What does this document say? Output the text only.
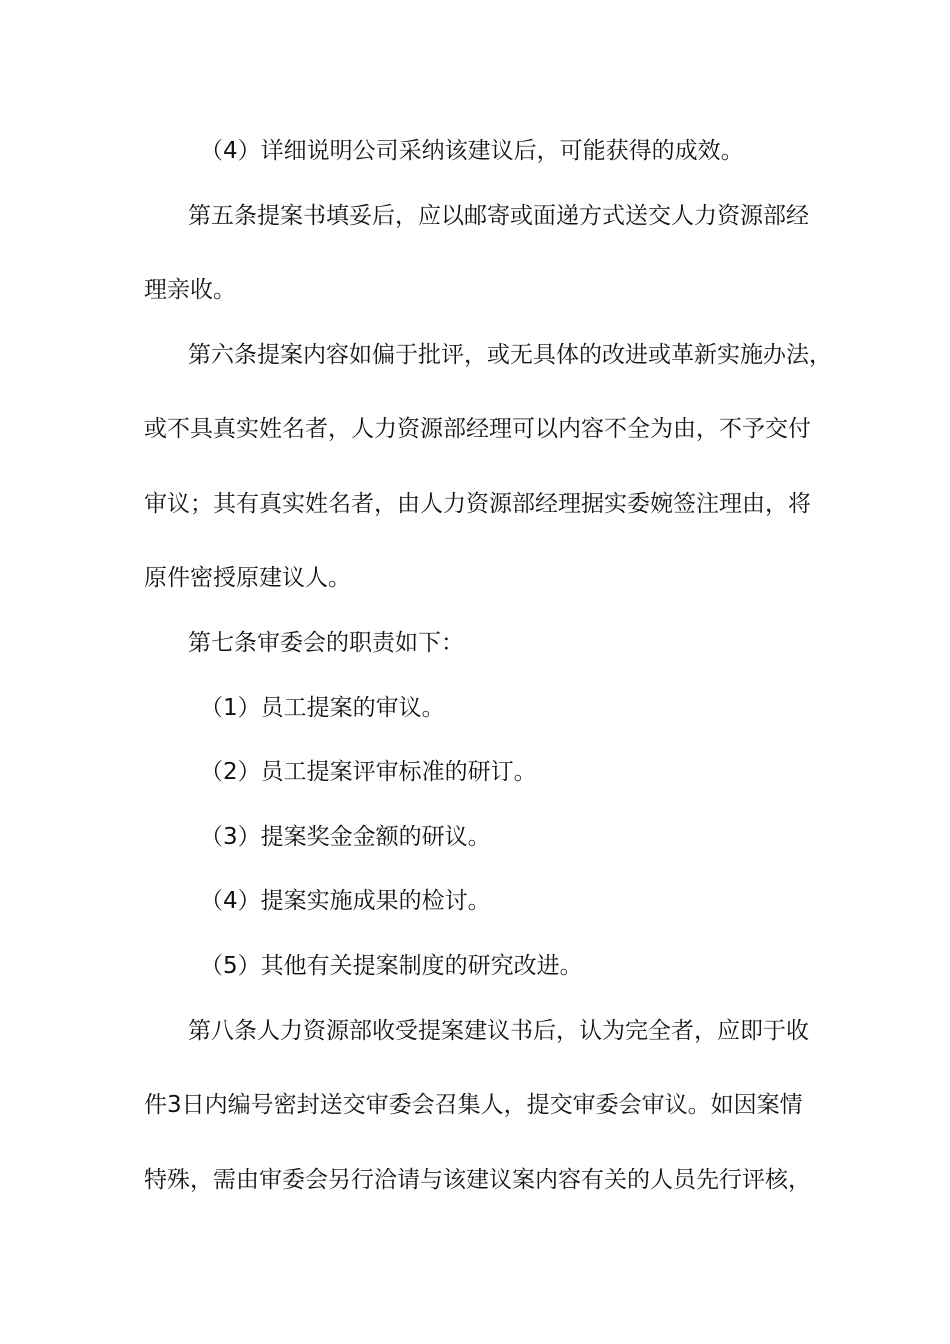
（4）详细说明公司采纳该建议后，可能获得的成效。
第五条提案书填妥后，应以邮寄或面递方式送交人力资源部经
理亲收。
第六条提案内容如偏于批评，或无具体的改进或革新实施办法，
或不具真实姓名者，人力资源部经理可以内容不全为由，不予交付
审议；其有真实姓名者，由人力资源部经理据实委婉签注理由，将
原件密授原建议人。
第七条审委会的职责如下：
（1）员工提案的审议。
（2）员工提案评审标准的研订。
（3）提案奖金金额的研议。
（4）提案实施成果的检讨。
（5）其他有关提案制度的研究改进。
第八条人力资源部收受提案建议书后，认为完全者，应即于收
件3日内编号密封送交审委会召集人，提交审委会审议。如因案情
特殊，需由审委会另行洽请与该建议案内容有关的人员先行评核，
